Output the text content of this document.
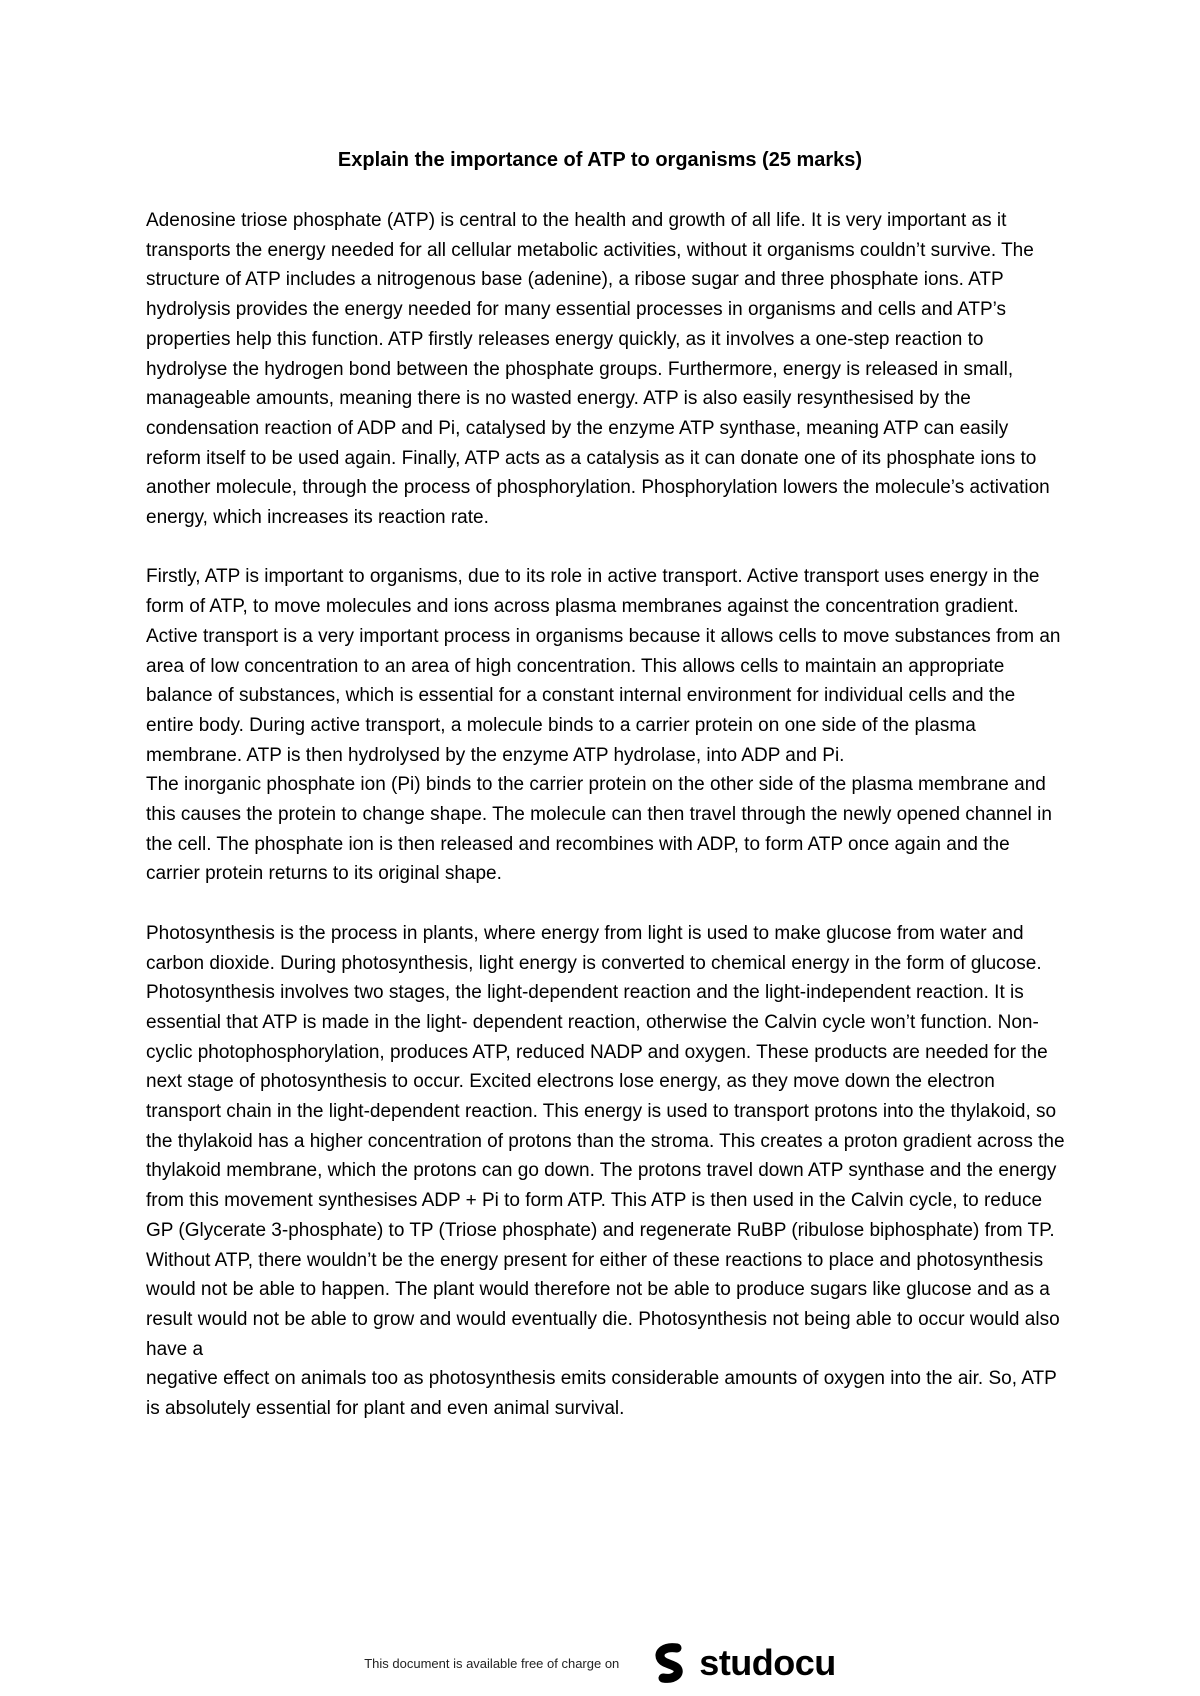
Explain the importance of ATP to organisms (25 marks)

Adenosine triose phosphate (ATP) is central to the health and growth of all life. It is very important as it transports the energy needed for all cellular metabolic activities, without it organisms couldn’t survive. The structure of ATP includes a nitrogenous base (adenine), a ribose sugar and three phosphate ions. ATP hydrolysis provides the energy needed for many essential processes in organisms and cells and ATP’s properties help this function. ATP firstly releases energy quickly, as it involves a one-step reaction to hydrolyse the hydrogen bond between the phosphate groups. Furthermore, energy is released in small, manageable amounts, meaning there is no wasted energy. ATP is also easily resynthesised by the condensation reaction of ADP and Pi, catalysed by the enzyme ATP synthase, meaning ATP can easily reform itself to be used again. Finally, ATP acts as a catalysis as it can donate one of its phosphate ions to another molecule, through the process of phosphorylation. Phosphorylation lowers the molecule’s activation energy, which increases its reaction rate.

Firstly, ATP is important to organisms, due to its role in active transport. Active transport uses energy in the form of ATP, to move molecules and ions across plasma membranes against the concentration gradient. Active transport is a very important process in organisms because it allows cells to move substances from an area of low concentration to an area of high concentration. This allows cells to maintain an appropriate balance of substances, which is essential for a constant internal environment for individual cells and the entire body. During active transport, a molecule binds to a carrier protein on one side of the plasma membrane. ATP is then hydrolysed by the enzyme ATP hydrolase, into ADP and Pi.

The inorganic phosphate ion (Pi) binds to the carrier protein on the other side of the plasma membrane and this causes the protein to change shape. The molecule can then travel through the newly opened channel in the cell. The phosphate ion is then released and recombines with ADP, to form ATP once again and the carrier protein returns to its original shape.

Photosynthesis is the process in plants, where energy from light is used to make glucose from water and carbon dioxide. During photosynthesis, light energy is converted to chemical energy in the form of glucose. Photosynthesis involves two stages, the light-dependent reaction and the light-independent reaction. It is essential that ATP is made in the light- dependent reaction, otherwise the Calvin cycle won’t function. Non-cyclic photophosphorylation, produces ATP, reduced NADP and oxygen. These products are needed for the next stage of photosynthesis to occur. Excited electrons lose energy, as they move down the electron transport chain in the light-dependent reaction. This energy is used to transport protons into the thylakoid, so the thylakoid has a higher concentration of protons than the stroma. This creates a proton gradient across the thylakoid membrane, which the protons can go down. The protons travel down ATP synthase and the energy from this movement synthesises ADP + Pi to form ATP. This ATP is then used in the Calvin cycle, to reduce GP (Glycerate 3-phosphate) to TP (Triose phosphate) and regenerate RuBP (ribulose biphosphate) from TP. Without ATP, there wouldn’t be the energy present for either of these reactions to place and photosynthesis would not be able to happen. The plant would therefore not be able to produce sugars like glucose and as a result would not be able to grow and would eventually die. Photosynthesis not being able to occur would also have a

negative effect on animals too as photosynthesis emits considerable amounts of oxygen into the air. So, ATP is absolutely essential for plant and even animal survival.

This document is available free of charge on studocu
